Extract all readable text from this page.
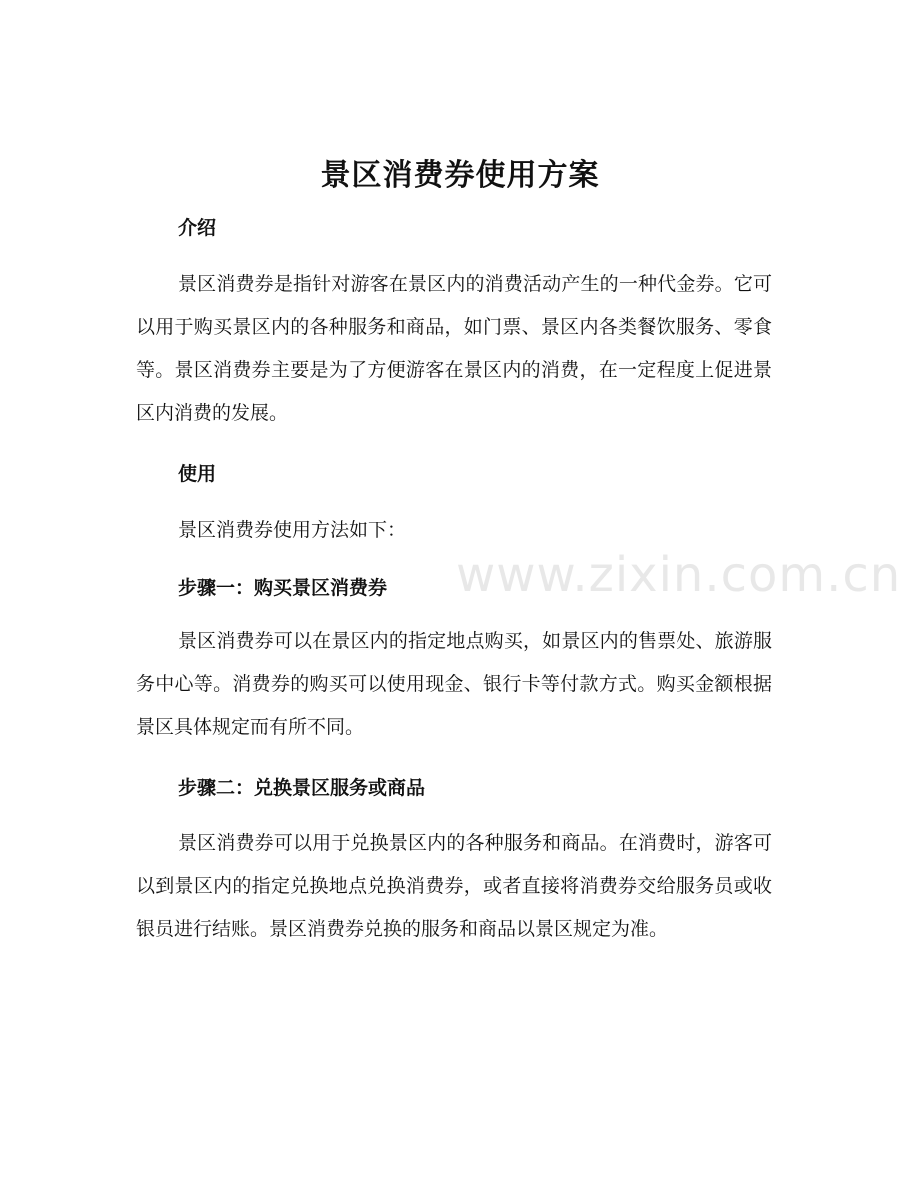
景区消费券使用方案
介绍

景区消费券是指针对游客在景区内的消费活动产生的一种代金券。它可以用于购买景区内的各种服务和商品，如门票、景区内各类餐饮服务、零食等。景区消费券主要是为了方便游客在景区内的消费，在一定程度上促进景区内消费的发展。

使用

景区消费券使用方法如下：

步骤一：购买景区消费券

景区消费券可以在景区内的指定地点购买，如景区内的售票处、旅游服务中心等。消费券的购买可以使用现金、银行卡等付款方式。购买金额根据景区具体规定而有所不同。

步骤二：兑换景区服务或商品

景区消费券可以用于兑换景区内的各种服务和商品。在消费时，游客可以到景区内的指定兑换地点兑换消费券，或者直接将消费券交给服务员或收银员进行结账。景区消费券兑换的服务和商品以景区规定为准。

www.zixin.com.cn
